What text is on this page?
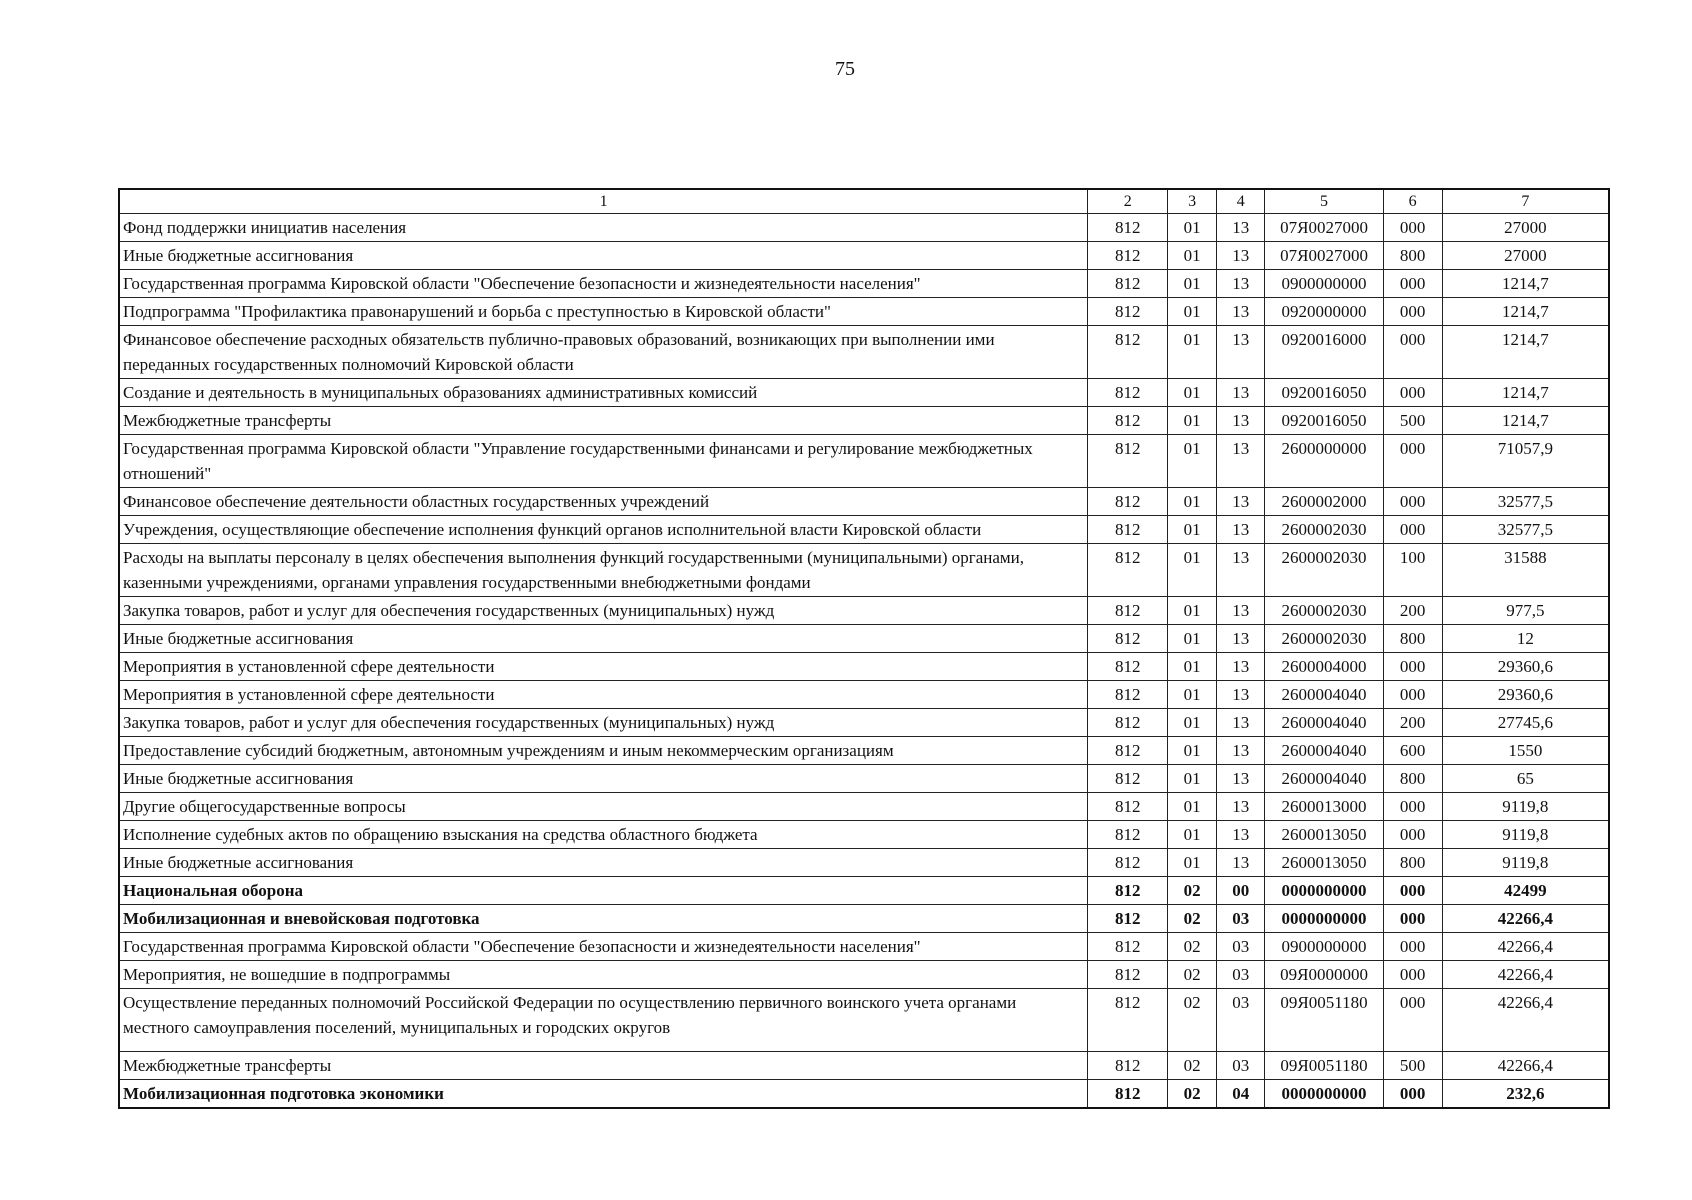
75
1	2	3	4	5	6	7
Фонд поддержки инициатив населения	812	01	13	07Я0027000	000	27000
Иные бюджетные ассигнования	812	01	13	07Я0027000	800	27000
Государственная программа Кировской области "Обеспечение безопасности и жизнедеятельности населения"	812	01	13	0900000000	000	1214,7
Подпрограмма "Профилактика правонарушений и борьба с преступностью в Кировской области"	812	01	13	0920000000	000	1214,7
Финансовое обеспечение расходных обязательств публично-правовых образований, возникающих при выполнении ими переданных государственных полномочий Кировской области	812	01	13	0920016000	000	1214,7
Создание и деятельность в муниципальных образованиях административных комиссий	812	01	13	0920016050	000	1214,7
Межбюджетные трансферты	812	01	13	0920016050	500	1214,7
Государственная программа Кировской области "Управление государственными финансами и регулирование межбюджетных отношений"	812	01	13	2600000000	000	71057,9
Финансовое обеспечение деятельности областных государственных учреждений	812	01	13	2600002000	000	32577,5
Учреждения, осуществляющие обеспечение исполнения функций органов исполнительной власти Кировской области	812	01	13	2600002030	000	32577,5
Расходы на выплаты персоналу в целях обеспечения выполнения функций государственными (муниципальными) органами, казенными учреждениями, органами управления государственными внебюджетными фондами	812	01	13	2600002030	100	31588
Закупка товаров, работ и услуг для обеспечения государственных (муниципальных) нужд	812	01	13	2600002030	200	977,5
Иные бюджетные ассигнования	812	01	13	2600002030	800	12
Мероприятия в установленной сфере деятельности	812	01	13	2600004000	000	29360,6
Мероприятия в установленной сфере деятельности	812	01	13	2600004040	000	29360,6
Закупка товаров, работ и услуг для обеспечения государственных (муниципальных) нужд	812	01	13	2600004040	200	27745,6
Предоставление субсидий бюджетным, автономным учреждениям и иным некоммерческим организациям	812	01	13	2600004040	600	1550
Иные бюджетные ассигнования	812	01	13	2600004040	800	65
Другие общегосударственные вопросы	812	01	13	2600013000	000	9119,8
Исполнение судебных актов по обращению взыскания на средства областного бюджета	812	01	13	2600013050	000	9119,8
Иные бюджетные ассигнования	812	01	13	2600013050	800	9119,8
Национальная оборона	812	02	00	0000000000	000	42499
Мобилизационная и вневойсковая подготовка	812	02	03	0000000000	000	42266,4
Государственная программа Кировской области "Обеспечение безопасности и жизнедеятельности населения"	812	02	03	0900000000	000	42266,4
Мероприятия, не вошедшие в подпрограммы	812	02	03	09Я0000000	000	42266,4
Осуществление переданных полномочий Российской Федерации по осуществлению первичного воинского учета органами местного самоуправления поселений, муниципальных и городских округов	812	02	03	09Я0051180	000	42266,4
Межбюджетные трансферты	812	02	03	09Я0051180	500	42266,4
Мобилизационная подготовка экономики	812	02	04	0000000000	000	232,6
